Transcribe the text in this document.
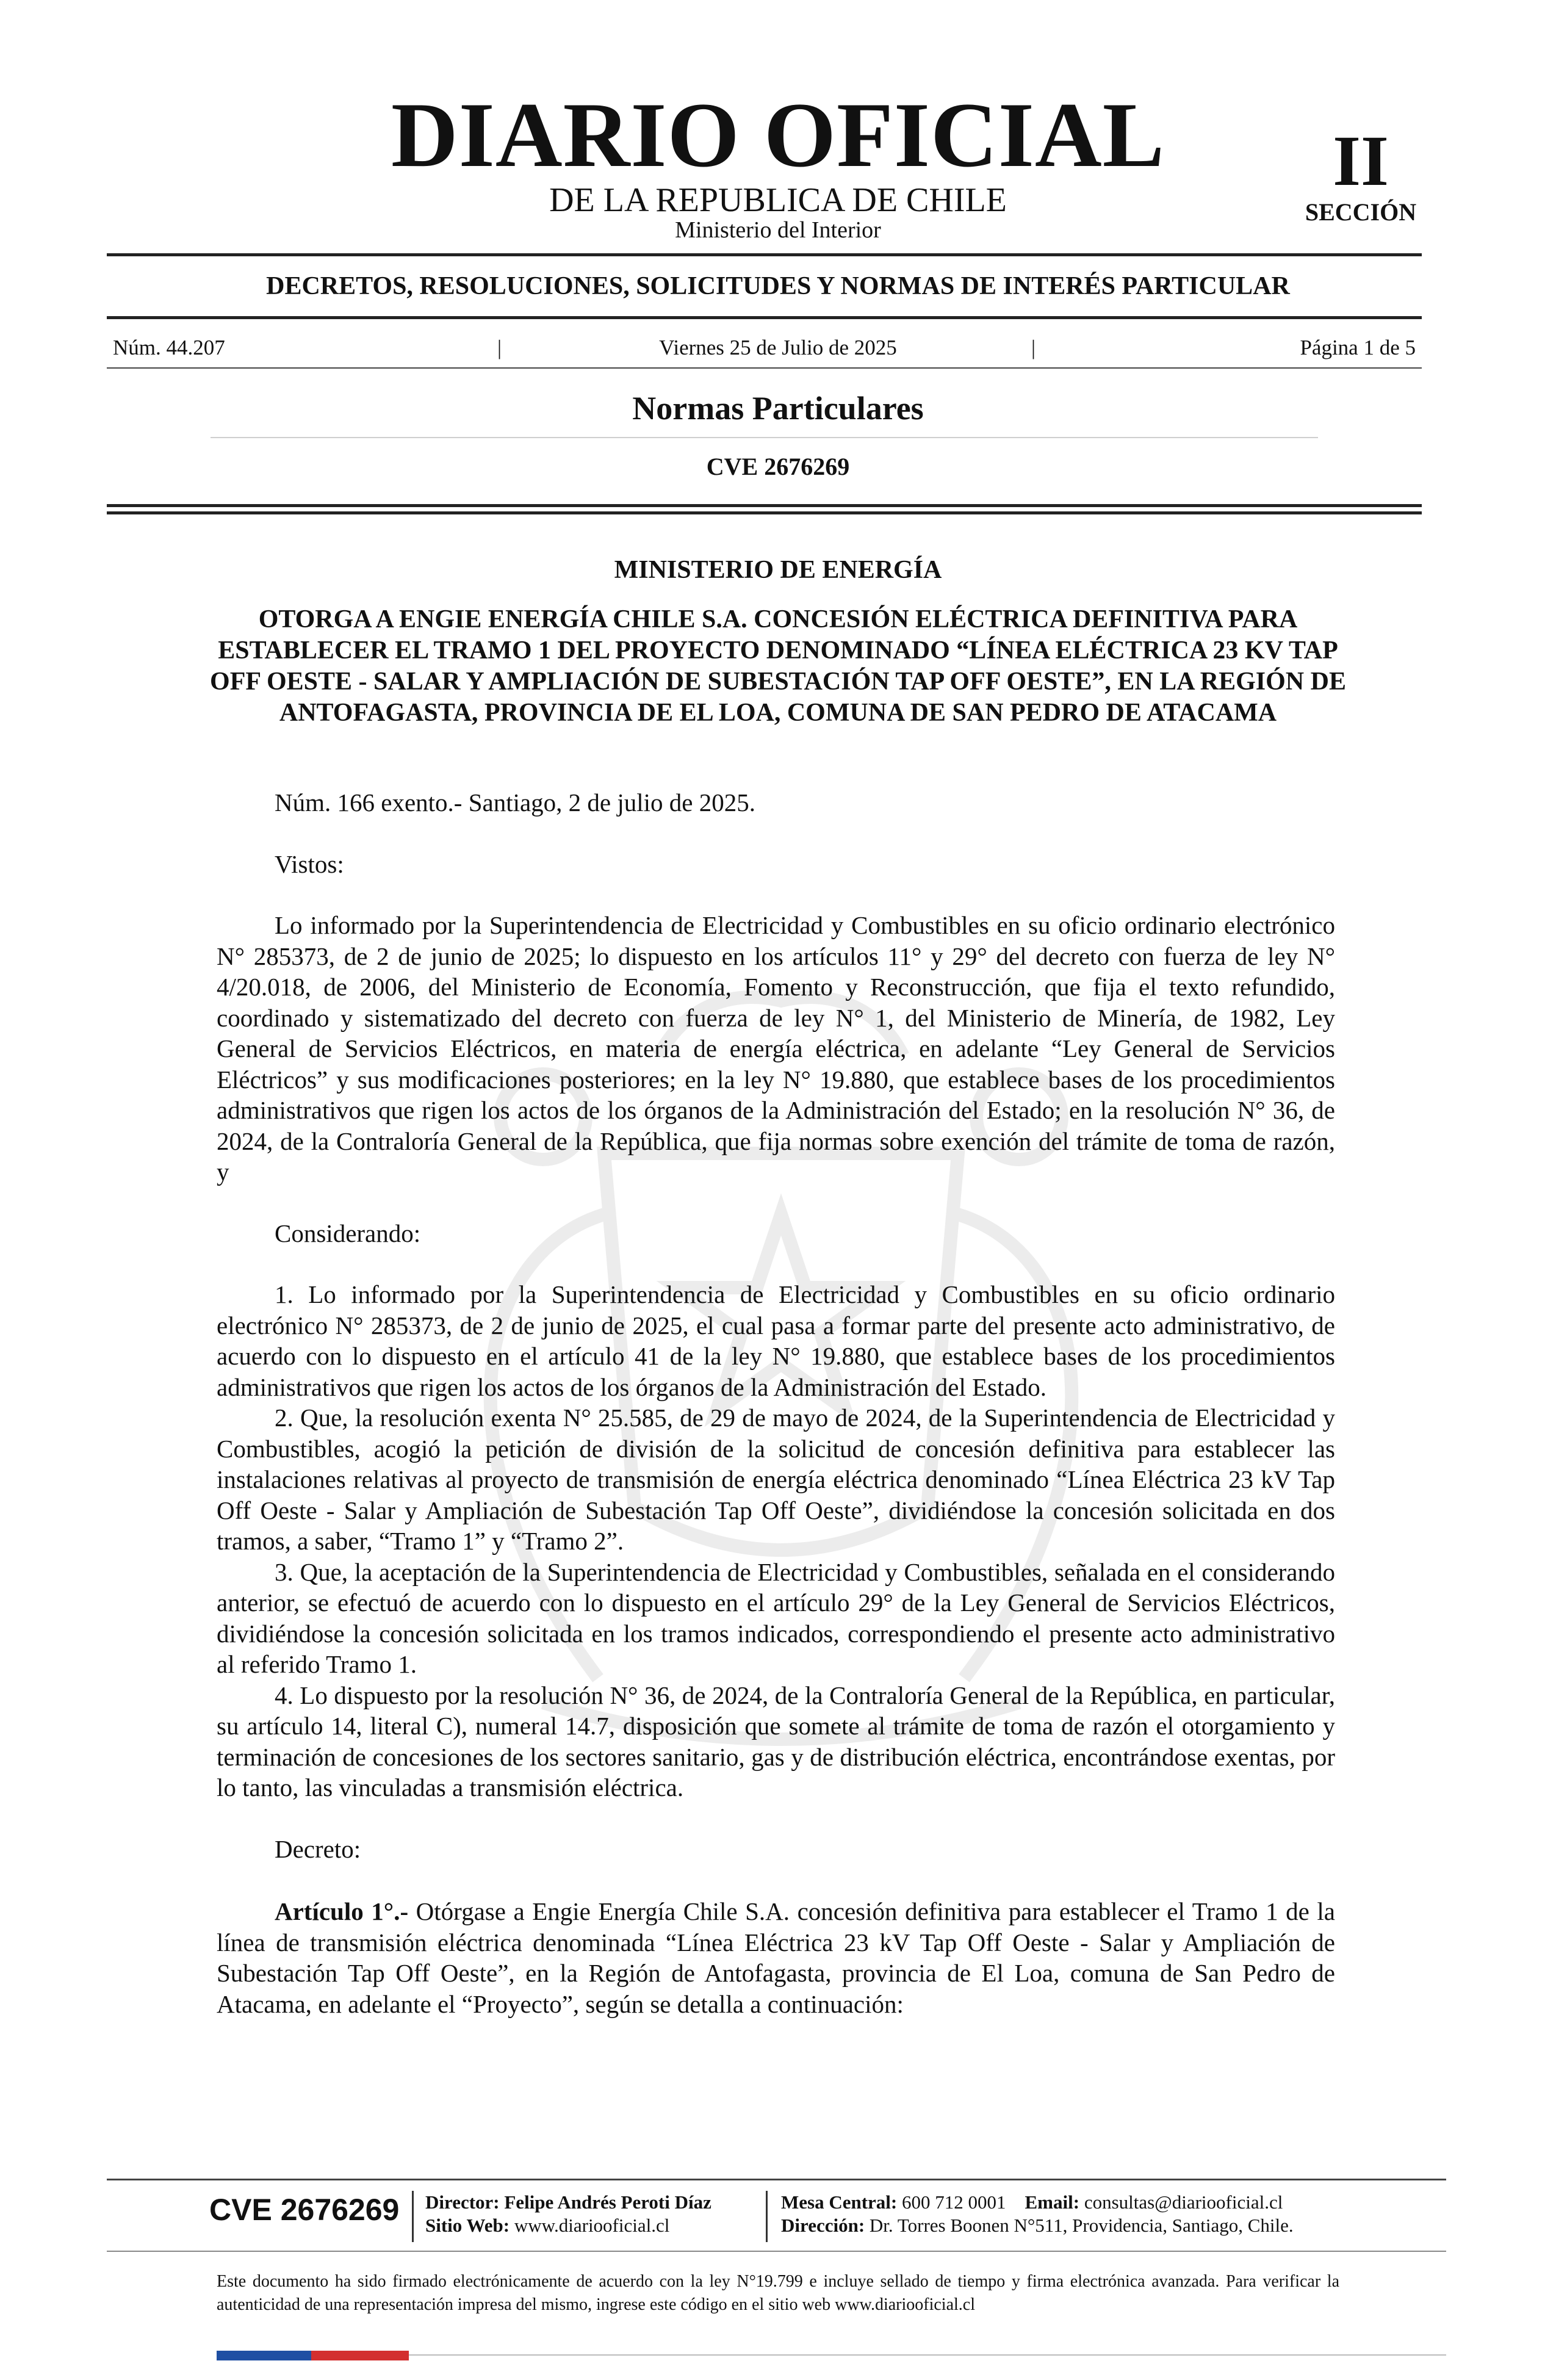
DIARIO OFICIAL
DE LA REPUBLICA DE CHILE
Ministerio del Interior
II
SECCIÓN
DECRETOS, RESOLUCIONES, SOLICITUDES Y NORMAS DE INTERÉS PARTICULAR
Núm. 44.207	|	Viernes 25 de Julio de 2025	|	Página 1 de 5
Normas Particulares
CVE 2676269
MINISTERIO DE ENERGÍA
OTORGA A ENGIE ENERGÍA CHILE S.A. CONCESIÓN ELÉCTRICA DEFINITIVA PARA ESTABLECER EL TRAMO 1 DEL PROYECTO DENOMINADO “LÍNEA ELÉCTRICA 23 KV TAP OFF OESTE - SALAR Y AMPLIACIÓN DE SUBESTACIÓN TAP OFF OESTE”, EN LA REGIÓN DE ANTOFAGASTA, PROVINCIA DE EL LOA, COMUNA DE SAN PEDRO DE ATACAMA

Núm. 166 exento.- Santiago, 2 de julio de 2025.

Vistos:

Lo informado por la Superintendencia de Electricidad y Combustibles en su oficio ordinario electrónico N° 285373, de 2 de junio de 2025; lo dispuesto en los artículos 11° y 29° del decreto con fuerza de ley N° 4/20.018, de 2006, del Ministerio de Economía, Fomento y Reconstrucción, que fija el texto refundido, coordinado y sistematizado del decreto con fuerza de ley N° 1, del Ministerio de Minería, de 1982, Ley General de Servicios Eléctricos, en materia de energía eléctrica, en adelante “Ley General de Servicios Eléctricos” y sus modificaciones posteriores; en la ley N° 19.880, que establece bases de los procedimientos administrativos que rigen los actos de los órganos de la Administración del Estado; en la resolución N° 36, de 2024, de la Contraloría General de la República, que fija normas sobre exención del trámite de toma de razón, y

Considerando:

1. Lo informado por la Superintendencia de Electricidad y Combustibles en su oficio ordinario electrónico N° 285373, de 2 de junio de 2025, el cual pasa a formar parte del presente acto administrativo, de acuerdo con lo dispuesto en el artículo 41 de la ley N° 19.880, que establece bases de los procedimientos administrativos que rigen los actos de los órganos de la Administración del Estado.

2. Que, la resolución exenta N° 25.585, de 29 de mayo de 2024, de la Superintendencia de Electricidad y Combustibles, acogió la petición de división de la solicitud de concesión definitiva para establecer las instalaciones relativas al proyecto de transmisión de energía eléctrica denominado “Línea Eléctrica 23 kV Tap Off Oeste - Salar y Ampliación de Subestación Tap Off Oeste”, dividiéndose la concesión solicitada en dos tramos, a saber, “Tramo 1” y “Tramo 2”.

3. Que, la aceptación de la Superintendencia de Electricidad y Combustibles, señalada en el considerando anterior, se efectuó de acuerdo con lo dispuesto en el artículo 29° de la Ley General de Servicios Eléctricos, dividiéndose la concesión solicitada en los tramos indicados, correspondiendo el presente acto administrativo al referido Tramo 1.

4. Lo dispuesto por la resolución N° 36, de 2024, de la Contraloría General de la República, en particular, su artículo 14, literal C), numeral 14.7, disposición que somete al trámite de toma de razón el otorgamiento y terminación de concesiones de los sectores sanitario, gas y de distribución eléctrica, encontrándose exentas, por lo tanto, las vinculadas a transmisión eléctrica.

Decreto:

Artículo 1°.- Otórgase a Engie Energía Chile S.A. concesión definitiva para establecer el Tramo 1 de la línea de transmisión eléctrica denominada “Línea Eléctrica 23 kV Tap Off Oeste - Salar y Ampliación de Subestación Tap Off Oeste”, en la Región de Antofagasta, provincia de El Loa, comuna de San Pedro de Atacama, en adelante el “Proyecto”, según se detalla a continuación:

CVE 2676269 Director: Felipe Andrés Peroti Díaz
Sitio Web: www.diariooficial.cl
Mesa Central: 600 712 0001 Email: consultas@diariooficial.cl
Dirección: Dr. Torres Boonen N°511, Providencia, Santiago, Chile.
Este documento ha sido firmado electrónicamente de acuerdo con la ley N°19.799 e incluye sellado de tiempo y firma electrónica avanzada. Para verificar la autenticidad de una representación impresa del mismo, ingrese este código en el sitio web www.diariooficial.cl
